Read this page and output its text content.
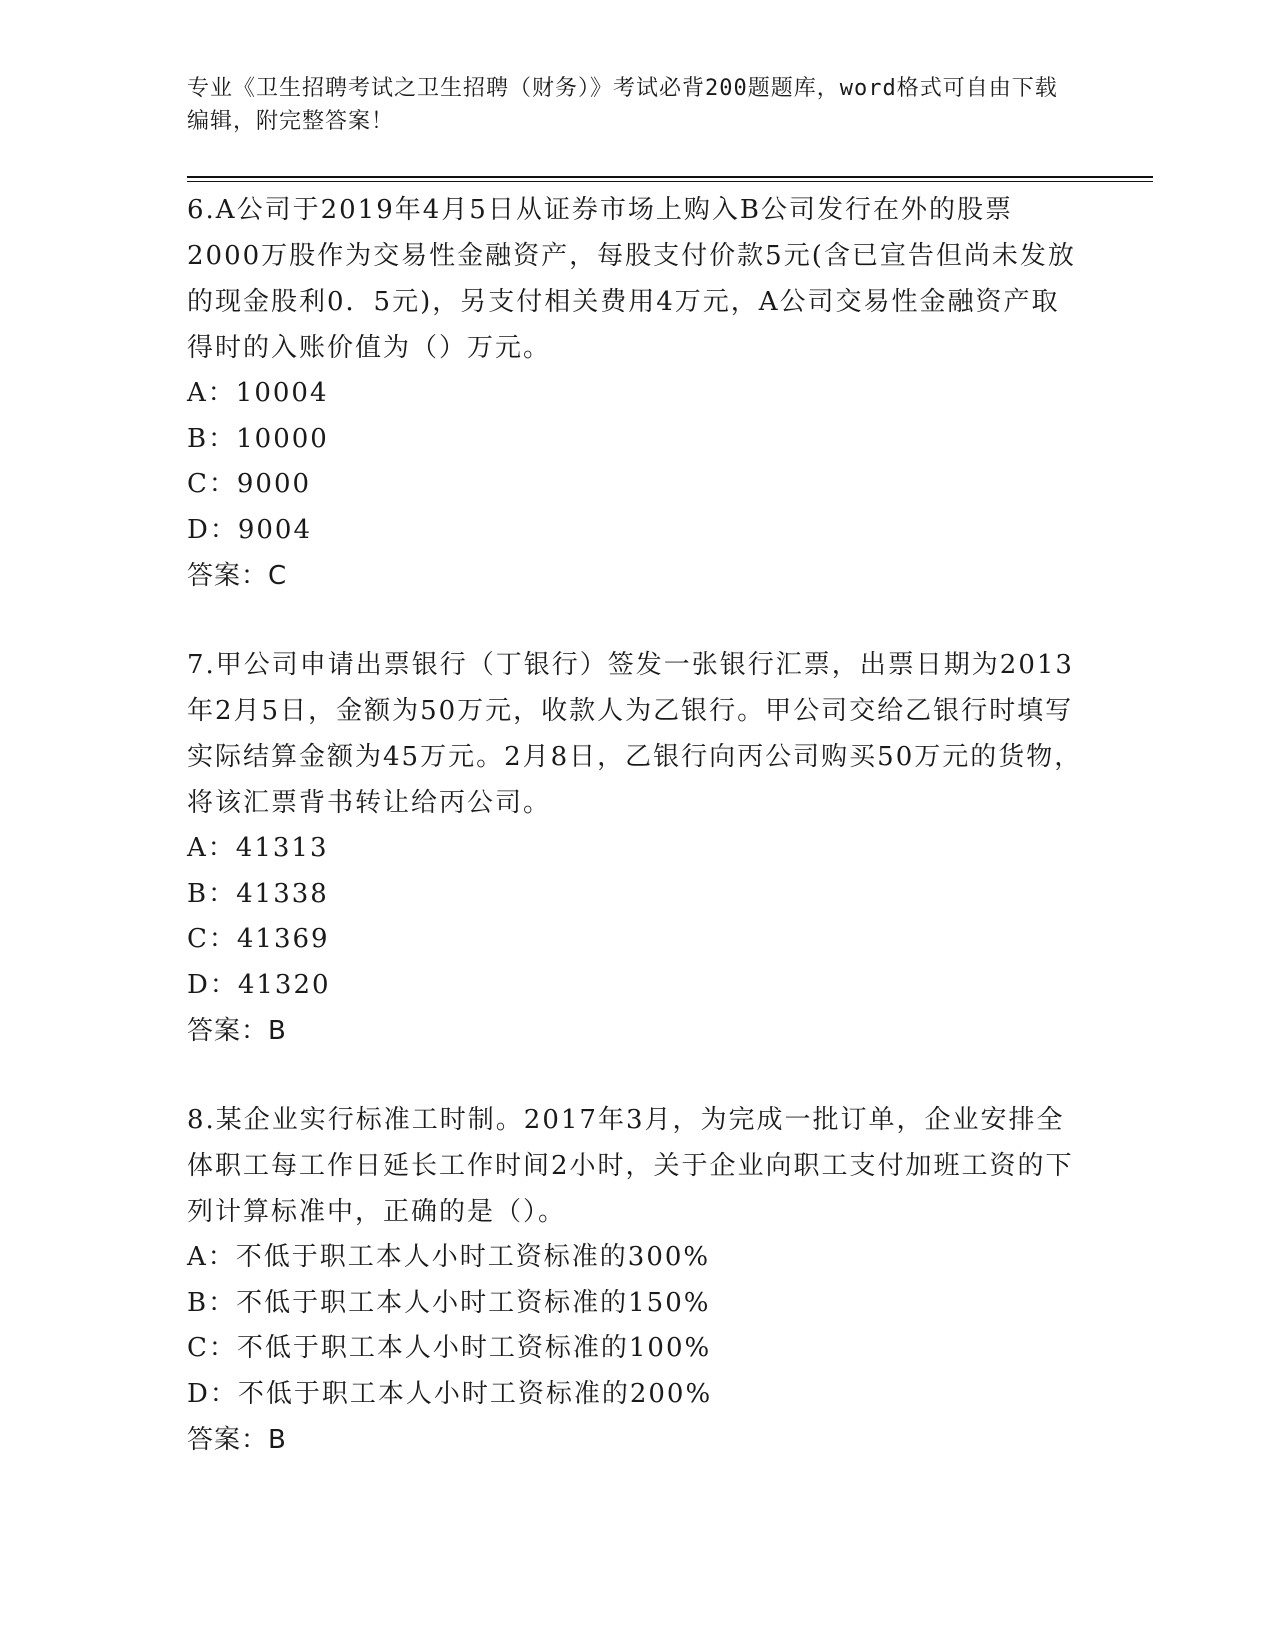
专业《卫生招聘考试之卫生招聘（财务）》考试必背200题题库，word格式可自由下载编辑，附完整答案！

6.A公司于2019年4月5日从证券市场上购入B公司发行在外的股票2000万股作为交易性金融资产，每股支付价款5元(含已宣告但尚未发放的现金股利0．5元)，另支付相关费用4万元，A公司交易性金融资产取得时的入账价值为（）万元。

A：10004

B：10000

C：9000

D：9004

答案：C

7.甲公司申请出票银行（丁银行）签发一张银行汇票，出票日期为2013年2月5日，金额为50万元，收款人为乙银行。甲公司交给乙银行时填写实际结算金额为45万元。2月8日，乙银行向丙公司购买50万元的货物，将该汇票背书转让给丙公司。

A：41313

B：41338

C：41369

D：41320

答案：B

8.某企业实行标准工时制。2017年3月，为完成一批订单，企业安排全体职工每工作日延长工作时间2小时，关于企业向职工支付加班工资的下列计算标准中，正确的是（）。

A：不低于职工本人小时工资标准的300%

B：不低于职工本人小时工资标准的150%

C：不低于职工本人小时工资标准的100%

D：不低于职工本人小时工资标准的200%

答案：B
